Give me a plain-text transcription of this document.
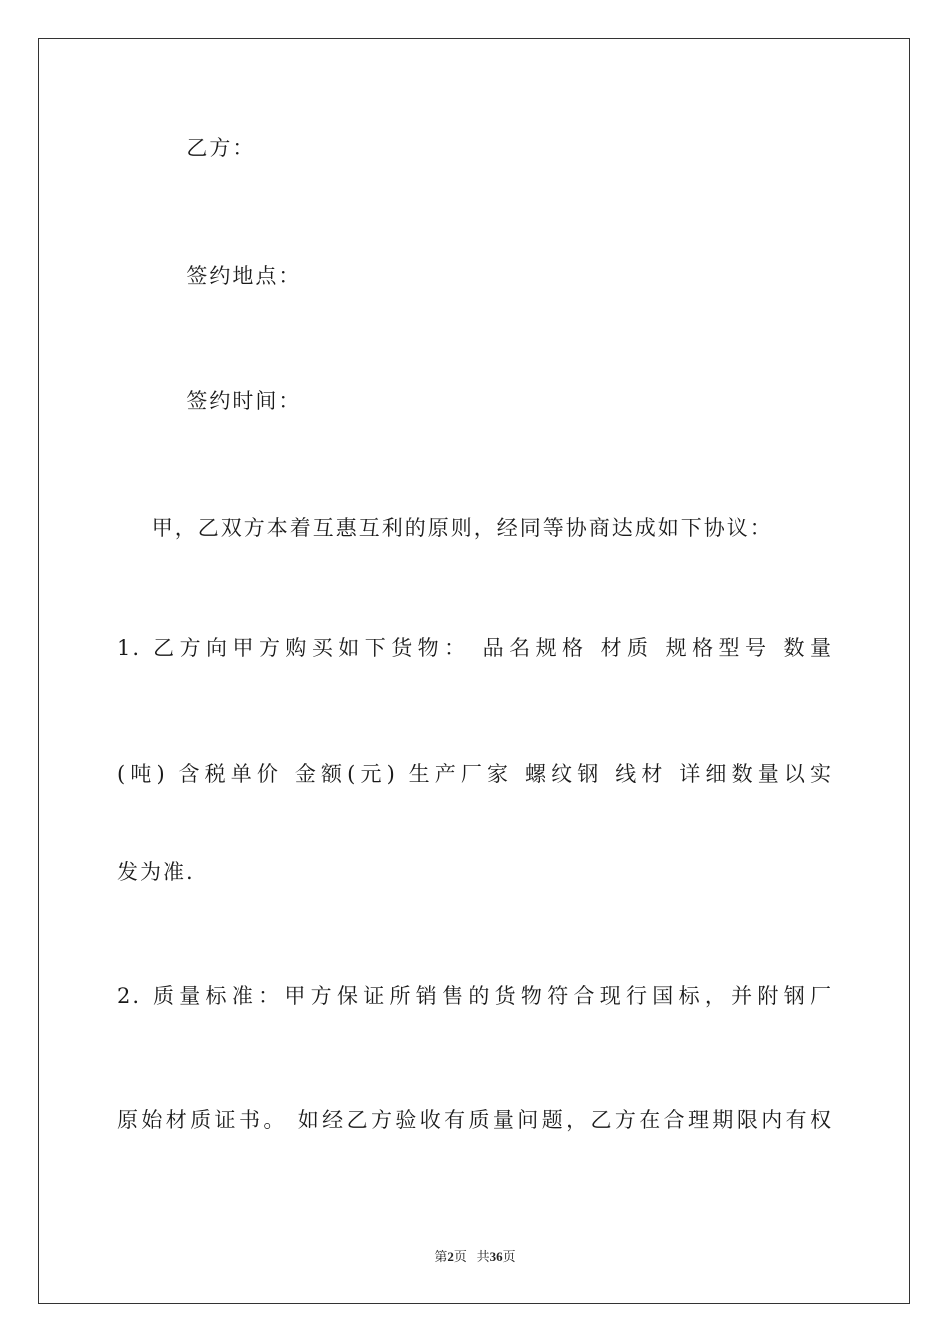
乙方：
签约地点：
签约时间：
甲，乙双方本着互惠互利的原则，经同等协商达成如下协议：
1. 乙方向甲方购买如下货物： 品名规格 材质 规格型号 数量
(吨) 含税单价 金额(元) 生产厂家 螺纹钢 线材 详细数量以实
发为准.
2. 质量标准：甲方保证所销售的货物符合现行国标，并附钢厂
原始材质证书。 如经乙方验收有质量问题，乙方在合理期限内有权
第2页 共36页
